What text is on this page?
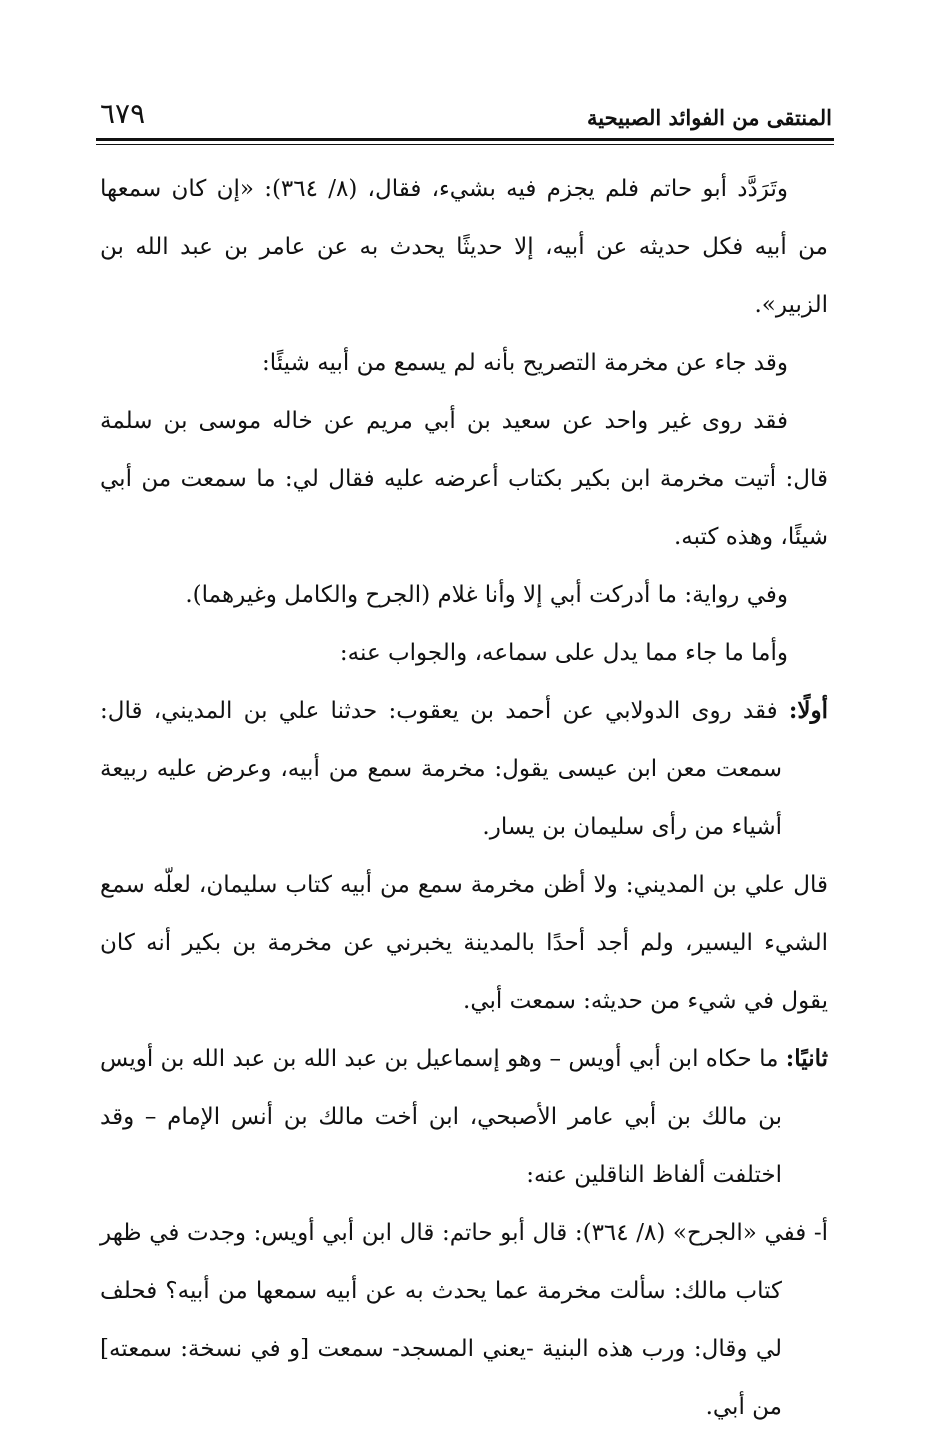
المنتقى من الفوائد الصبيحية
٦٧٩

وتَرَدَّد أبو حاتم فلم يجزم فيه بشيء، فقال، (٨/ ٣٦٤): «إن كان سمعها من أبيه فكل حديثه عن أبيه، إلا حديثًا يحدث به عن عامر بن عبد الله بن الزبير».

وقد جاء عن مخرمة التصريح بأنه لم يسمع من أبيه شيئًا:

فقد روى غير واحد عن سعيد بن أبي مريم عن خاله موسى بن سلمة قال: أتيت مخرمة ابن بكير بكتاب أعرضه عليه فقال لي: ما سمعت من أبي شيئًا، وهذه كتبه.

وفي رواية: ما أدركت أبي إلا وأنا غلام (الجرح والكامل وغيرهما).

وأما ما جاء مما يدل على سماعه، والجواب عنه:

أولًا: فقد روى الدولابي عن أحمد بن يعقوب: حدثنا علي بن المديني، قال: سمعت معن ابن عيسى يقول: مخرمة سمع من أبيه، وعرض عليه ربيعة أشياء من رأى سليمان بن يسار.

قال علي بن المديني: ولا أظن مخرمة سمع من أبيه كتاب سليمان، لعلّه سمع الشيء اليسير، ولم أجد أحدًا بالمدينة يخبرني عن مخرمة بن بكير أنه كان يقول في شيء من حديثه: سمعت أبي.

ثانيًا: ما حكاه ابن أبي أويس – وهو إسماعيل بن عبد الله بن عبد الله بن أويس بن مالك بن أبي عامر الأصبحي، ابن أخت مالك بن أنس الإمام – وقد اختلفت ألفاظ الناقلين عنه:

أ- ففي «الجرح» (٨/ ٣٦٤): قال أبو حاتم: قال ابن أبي أويس: وجدت في ظهر كتاب مالك: سألت مخرمة عما يحدث به عن أبيه سمعها من أبيه؟ فحلف لي وقال: ورب هذه البنية -يعني المسجد- سمعت [و في نسخة: سمعته] من أبي.
